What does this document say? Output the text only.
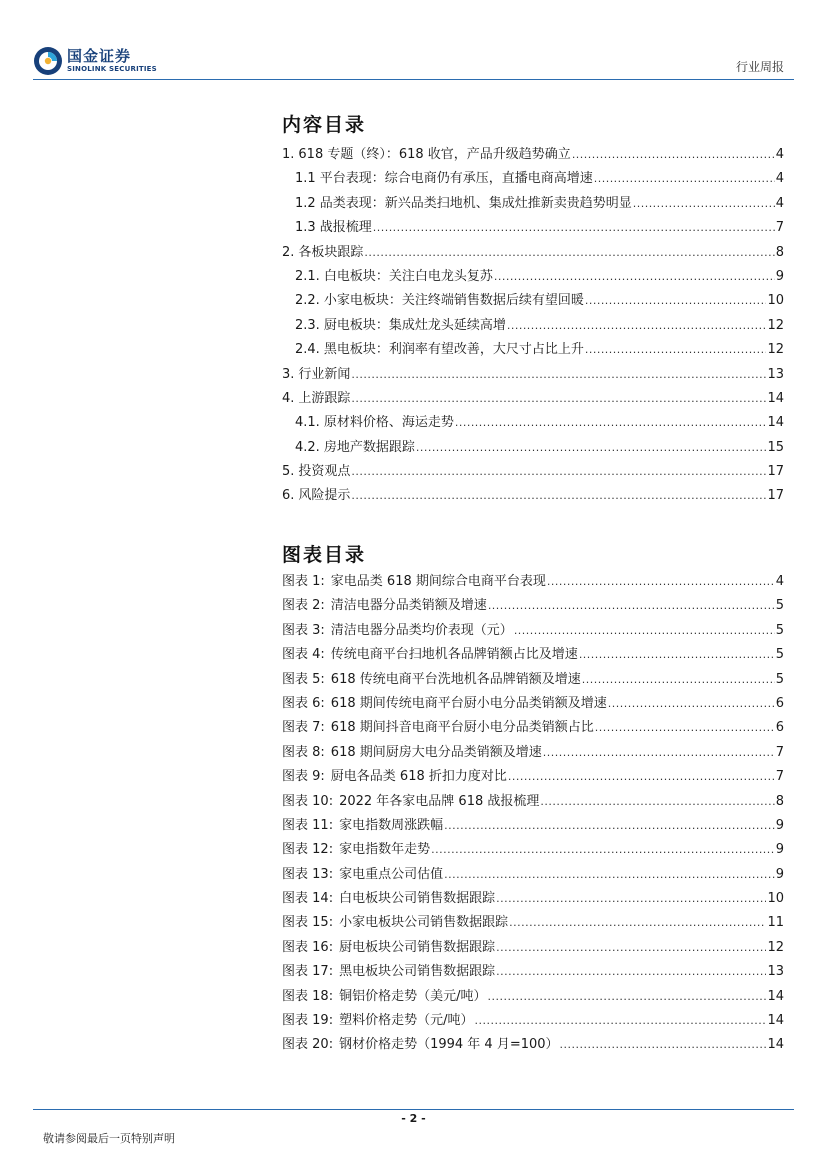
国金证券
SINOLINK SECURITIES	行业周报
内容目录
1. 618 专题（终）：618 收官，产品升级趋势确立 .....	4
1.1 平台表现：综合电商仍有承压，直播电商高增速 .....	4
1.2 品类表现：新兴品类扫地机、集成灶推新卖贵趋势明显 .....	4
1.3 战报梳理 .....	7
2. 各板块跟踪 .....	8
2.1. 白电板块：关注白电龙头复苏 .....	9
2.2. 小家电板块：关注终端销售数据后续有望回暖 .....	10
2.3. 厨电板块：集成灶龙头延续高增 .....	12
2.4. 黑电板块：利润率有望改善，大尺寸占比上升 .....	12
3. 行业新闻 .....	13
4. 上游跟踪 .....	14
4.1. 原材料价格、海运走势 .....	14
4.2. 房地产数据跟踪 .....	15
5. 投资观点 .....	17
6. 风险提示 .....	17
图表目录
图表 1 : 家电品类 618 期间综合电商平台表现 .....	4
图表 2 : 清洁电器分品类销额及增速 .....	5
图表 3 : 清洁电器分品类均价表现（元） .....	5
图表 4 : 传统电商平台扫地机各品牌销额占比及增速 .....	5
图表 5 : 618 传统电商平台洗地机各品牌销额及增速 .....	5
图表 6 : 618 期间传统电商平台厨小电分品类销额及增速 .....	6
图表 7 : 618 期间抖音电商平台厨小电分品类销额占比 .....	6
图表 8 : 618 期间厨房大电分品类销额及增速 .....	7
图表 9 : 厨电各品类 618 折扣力度对比 .....	7
图表 10 : 2022 年各家电品牌 618 战报梳理 .....	8
图表 11 : 家电指数周涨跌幅 .....	9
图表 12 : 家电指数年走势 .....	9
图表 13 : 家电重点公司估值 .....	9
图表 14 : 白电板块公司销售数据跟踪 .....	10
图表 15 : 小家电板块公司销售数据跟踪 .....	11
图表 16 : 厨电板块公司销售数据跟踪 .....	12
图表 17 : 黑电板块公司销售数据跟踪 .....	13
图表 18 : 铜铝价格走势（美元/吨） .....	14
图表 19 : 塑料价格走势（元/吨） .....	14
图表 20 : 钢材价格走势（1994 年 4 月=100） .....	14
- 2 -
敬请参阅最后一页特别声明
